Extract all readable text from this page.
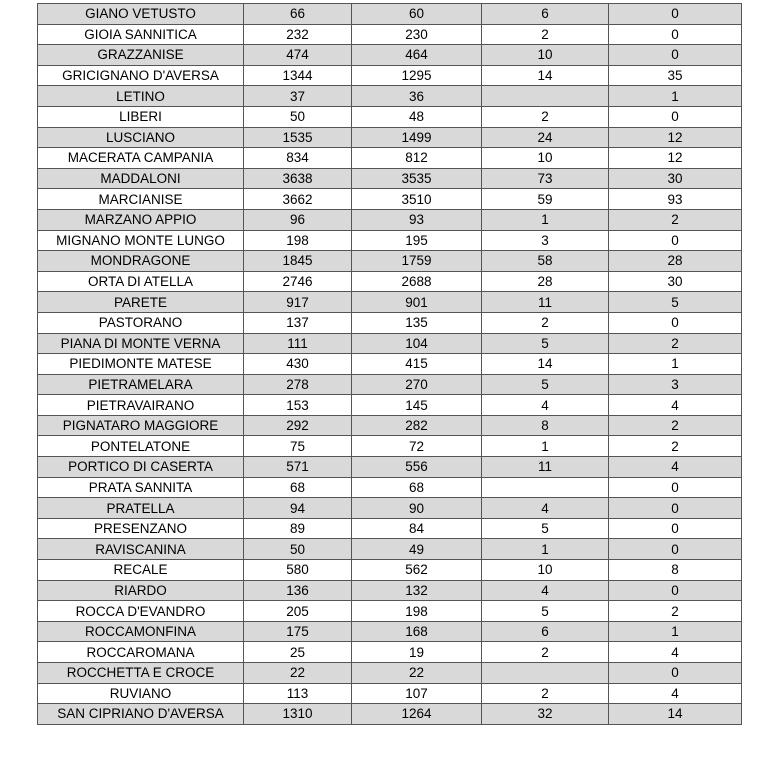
GIANO VETUSTO	66	60	6	0
GIOIA SANNITICA	232	230	2	0
GRAZZANISE	474	464	10	0
GRICIGNANO D'AVERSA	1344	1295	14	35
LETINO	37	36		1
LIBERI	50	48	2	0
LUSCIANO	1535	1499	24	12
MACERATA CAMPANIA	834	812	10	12
MADDALONI	3638	3535	73	30
MARCIANISE	3662	3510	59	93
MARZANO APPIO	96	93	1	2
MIGNANO MONTE LUNGO	198	195	3	0
MONDRAGONE	1845	1759	58	28
ORTA DI ATELLA	2746	2688	28	30
PARETE	917	901	11	5
PASTORANO	137	135	2	0
PIANA DI MONTE VERNA	111	104	5	2
PIEDIMONTE MATESE	430	415	14	1
PIETRAMELARA	278	270	5	3
PIETRAVAIRANO	153	145	4	4
PIGNATARO MAGGIORE	292	282	8	2
PONTELATONE	75	72	1	2
PORTICO DI CASERTA	571	556	11	4
PRATA SANNITA	68	68		0
PRATELLA	94	90	4	0
PRESENZANO	89	84	5	0
RAVISCANINA	50	49	1	0
RECALE	580	562	10	8
RIARDO	136	132	4	0
ROCCA D'EVANDRO	205	198	5	2
ROCCAMONFINA	175	168	6	1
ROCCAROMANA	25	19	2	4
ROCCHETTA E CROCE	22	22		0
RUVIANO	113	107	2	4
SAN CIPRIANO D'AVERSA	1310	1264	32	14
